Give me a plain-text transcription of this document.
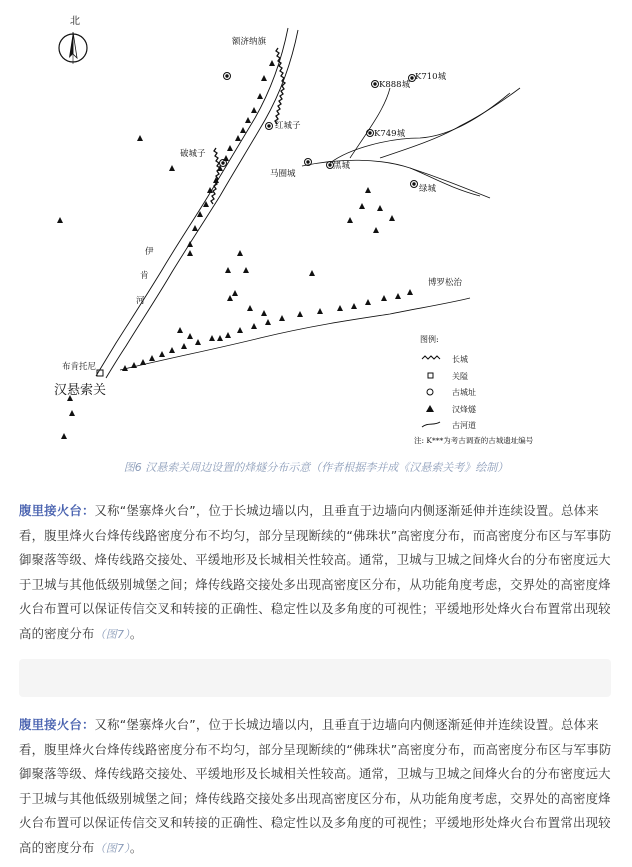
北
额济纳旗
红城子
破城子
K888城
K710城
K749城
马圈城
黑城
绿城
博罗松治
布肯托尼
伊
肯
河
汉悬索关
图例:
长城
关隘
古城址
汉烽燧
古河道
注: K***为考古调查的古城遗址编号
图6 汉悬索关周边设置的烽燧分布示意（作者根据李并成《汉悬索关考》绘制）
腹里接火台：又称“堡寨烽火台”，位于长城边墙以内，且垂直于边墙向内侧逐渐延伸并连续设置。总体来看，腹里烽火台烽传线路密度分布不均匀，部分呈现断续的“佛珠状”高密度分布，而高密度分布区与军事防御聚落等级、烽传线路交接处、平缓地形及长城相关性较高。通常，卫城与卫城之间烽火台的分布密度远大于卫城与其他低级别城堡之间；烽传线路交接处多出现高密度区分布，从功能角度考虑，交界处的高密度烽火台布置可以保证传信交叉和转接的正确性、稳定性以及多角度的可视性；平缓地形处烽火台布置常出现较高的密度分布（图7）。
腹里接火台：又称“堡寨烽火台”，位于长城边墙以内，且垂直于边墙向内侧逐渐延伸并连续设置。总体来看，腹里烽火台烽传线路密度分布不均匀，部分呈现断续的“佛珠状”高密度分布，而高密度分布区与军事防御聚落等级、烽传线路交接处、平缓地形及长城相关性较高。通常，卫城与卫城之间烽火台的分布密度远大于卫城与其他低级别城堡之间；烽传线路交接处多出现高密度区分布，从功能角度考虑，交界处的高密度烽火台布置可以保证传信交叉和转接的正确性、稳定性以及多角度的可视性；平缓地形处烽火台布置常出现较高的密度分布（图7）。
